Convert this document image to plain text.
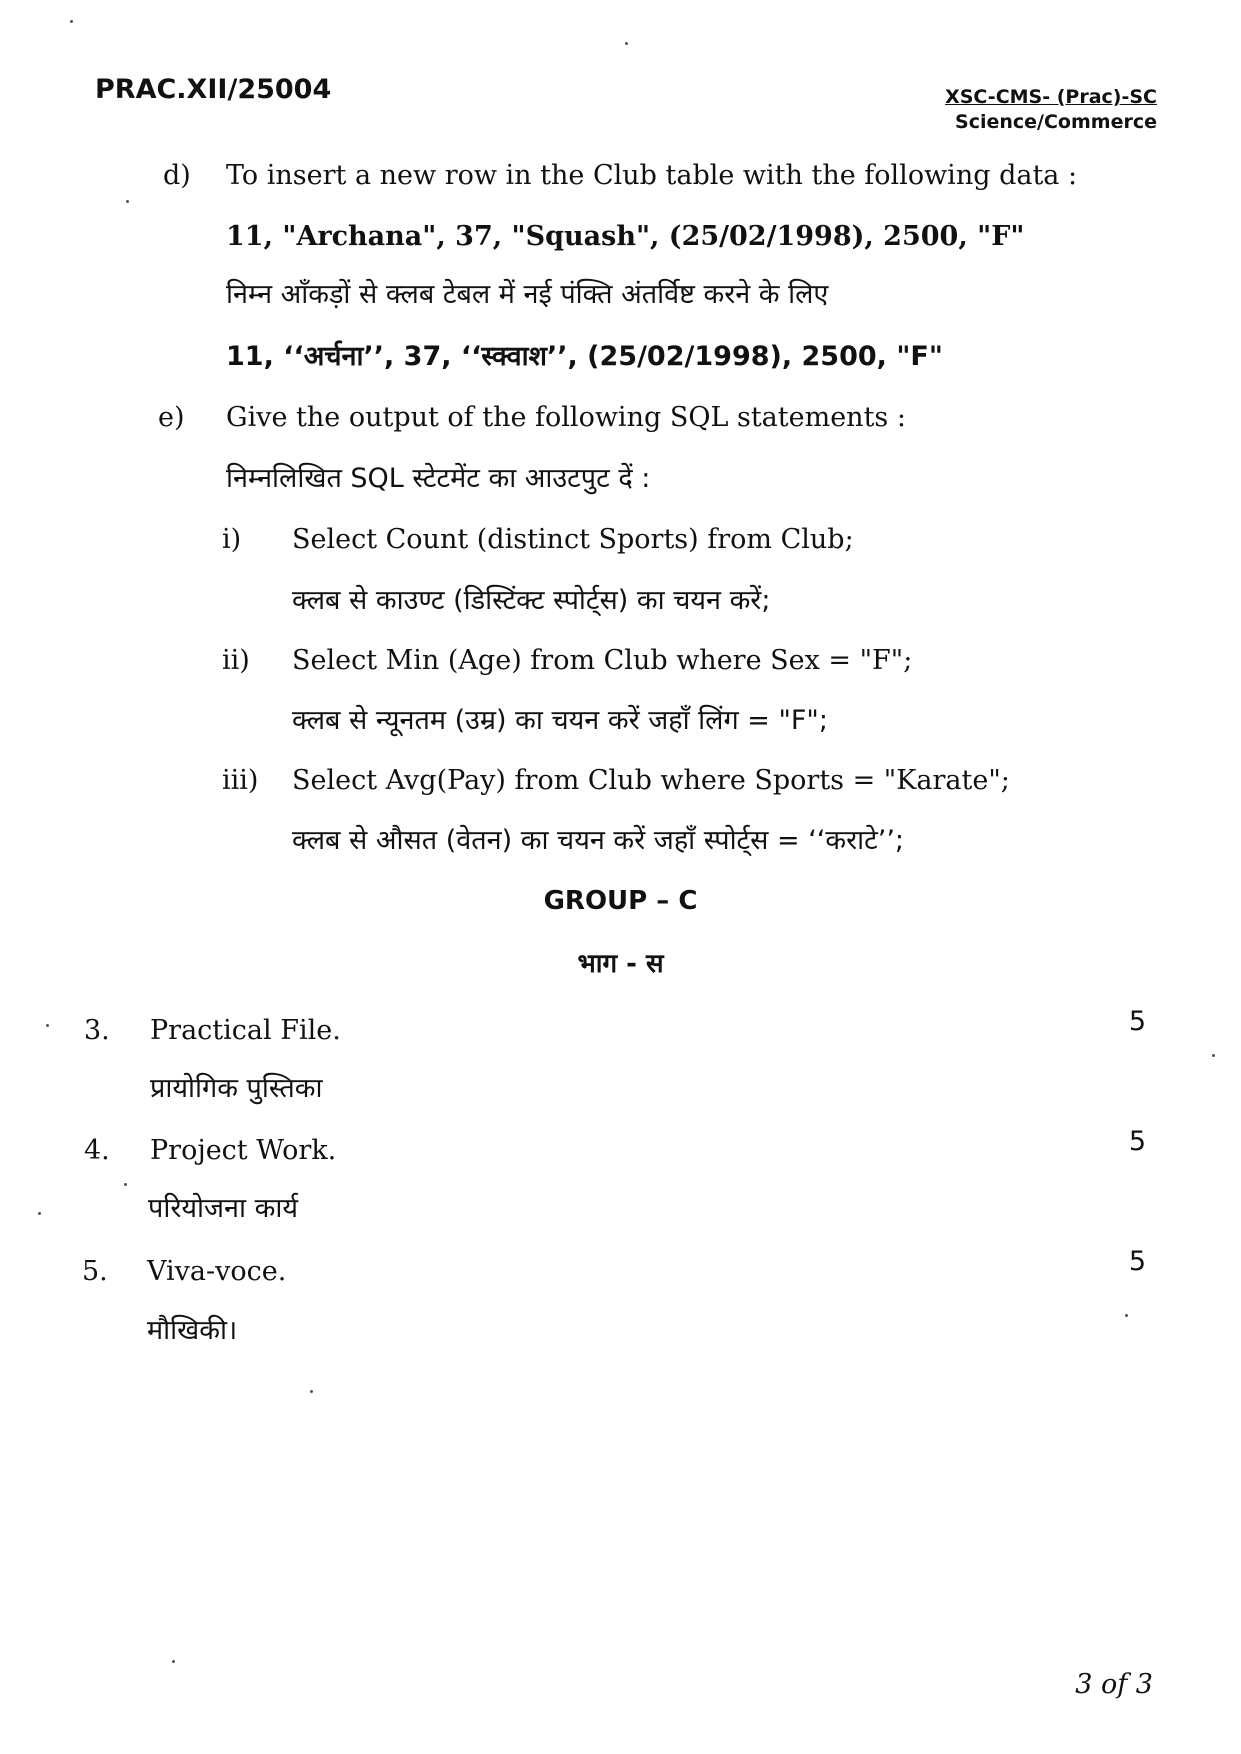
PRAC.XII/25004	XSC-CMS- (Prac)-SC
Science/Commerce
d) To insert a new row in the Club table with the following data :
11, "Archana", 37, "Squash", (25/02/1998), 2500, "F"
निम्न आँकड़ों से क्लब टेबल में नई पंक्ति अंतर्विष्ट करने के लिए
11, ‘‘अर्चना’’, 37, ‘‘स्क्वाश’’, (25/02/1998), 2500, "F"
e) Give the output of the following SQL statements :
निम्नलिखित SQL स्टेटमेंट का आउटपुट दें :
i) Select Count (distinct Sports) from Club;
क्लब से काउण्ट (डिस्टिंक्ट स्पोर्ट्स) का चयन करें;
ii) Select Min (Age) from Club where Sex = "F";
क्लब से न्यूनतम (उम्र) का चयन करें जहाँ लिंग = "F";
iii) Select Avg(Pay) from Club where Sports = "Karate";
क्लब से औसत (वेतन) का चयन करें जहाँ स्पोर्ट्स = ‘‘कराटे’’;
GROUP – C
भाग - स
3. Practical File.
प्रायोगिक पुस्तिका
5
4. Project Work.
परियोजना कार्य
5
5. Viva-voce.
मौखिकी।
5
3 of 3
